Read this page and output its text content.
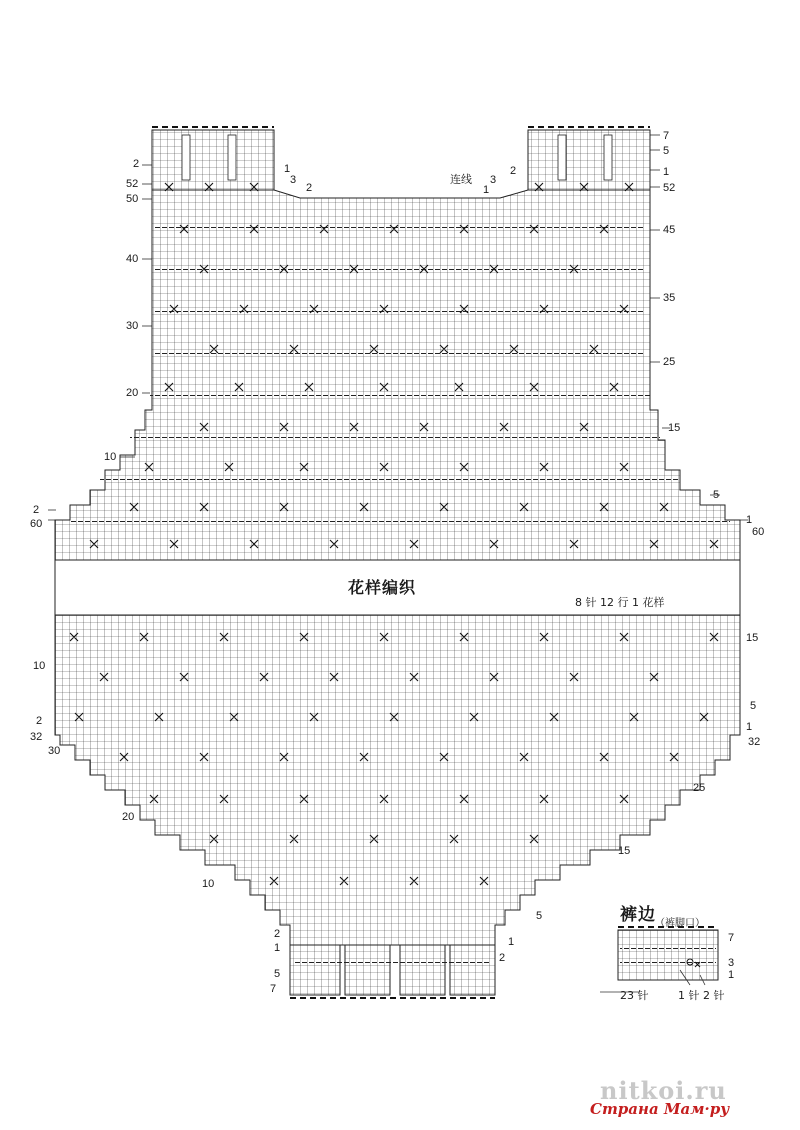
2
52
50
40
30
20
10
2
60
7
5
1
52
45
35
25
15
5
1
60
1
3
2
连线 3
2
1
花样编织
8 针 12 行 1 花样
10
2
32
30
20
10
2
1
5
7
15
5
1
32
25
15
5
1
2
裤边 （裤脚口）
7
3
1
23 针	1 针 2 针
nitkoi.ru
Страна Мам·ру
